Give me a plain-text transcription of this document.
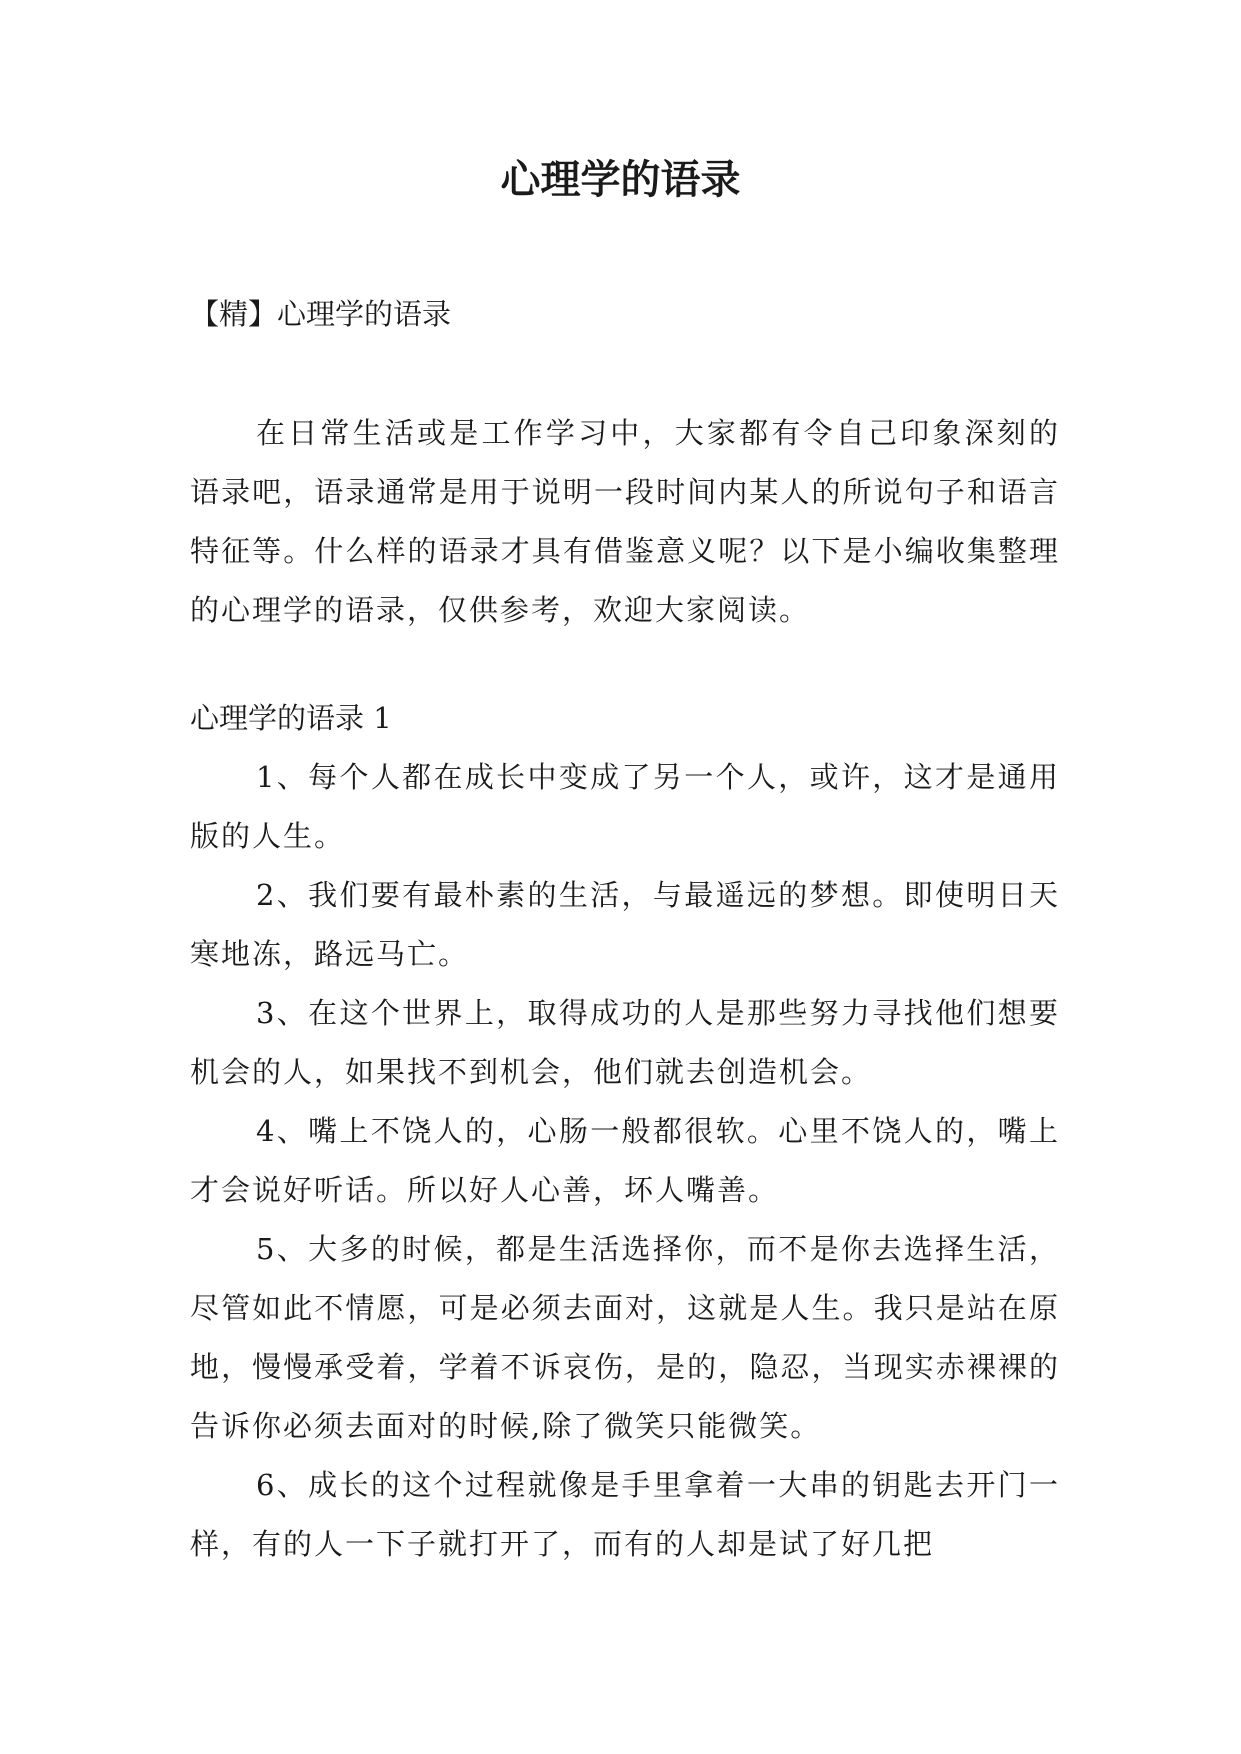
心理学的语录

【精】心理学的语录

在日常生活或是工作学习中，大家都有令自己印象深刻的语录吧，语录通常是用于说明一段时间内某人的所说句子和语言特征等。什么样的语录才具有借鉴意义呢？以下是小编收集整理的心理学的语录，仅供参考，欢迎大家阅读。

心理学的语录 1

1、每个人都在成长中变成了另一个人，或许，这才是通用版的人生。
2、我们要有最朴素的生活，与最遥远的梦想。即使明日天寒地冻，路远马亡。
3、在这个世界上，取得成功的人是那些努力寻找他们想要机会的人，如果找不到机会，他们就去创造机会。
4、嘴上不饶人的，心肠一般都很软。心里不饶人的，嘴上才会说好听话。所以好人心善，坏人嘴善。
5、大多的时候，都是生活选择你，而不是你去选择生活，尽管如此不情愿，可是必须去面对，这就是人生。我只是站在原地，慢慢承受着，学着不诉哀伤，是的，隐忍，当现实赤裸裸的告诉你必须去面对的时候,除了微笑只能微笑。
6、成长的这个过程就像是手里拿着一大串的钥匙去开门一样，有的人一下子就打开了，而有的人却是试了好几把
